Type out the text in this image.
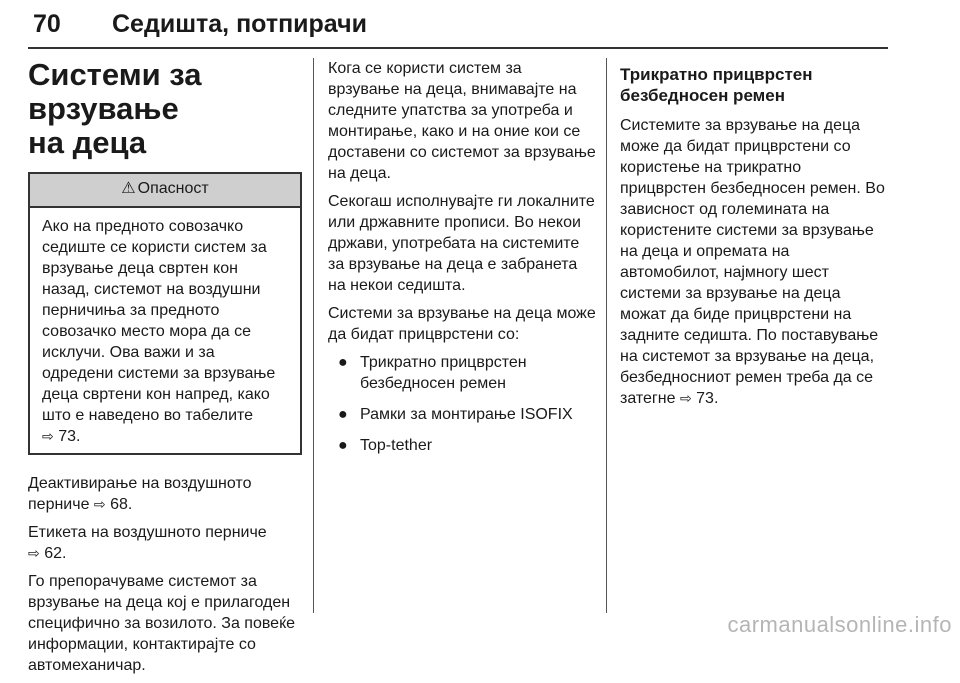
70 Седишта, потпирачи
Системи за врзување
на деца
⚠ Опасност
Ако на предното совозачко седиште се користи систем за врзување деца свртен кон назад, системот на воздушни перничиња за предното совозачко место мора да се исклучи. Ова важи и за одредени системи за врзување деца свртени кон напред, како што е наведено во табелите
⇨ 73.

Деактивирање на воздушното перниче ⇨ 68.

Етикета на воздушното перниче
⇨ 62.

Го препорачуваме системот за врзување на деца кој е прилагоден специфично за возилото. За повеќе информации, контактирајте со автомеханичар.

Кога се користи систем за врзување на деца, внимавајте на следните упатства за употреба и монтирање, како и на оние кои се доставени со системот за врзување на деца.

Секогаш исполнувајте ги локалните или државните прописи. Во некои држави, употребата на системите за врзување на деца е забранета на некои седишта.

Системи за врзување на деца може да бидат прицврстени со:

● Трикратно прицврстен безбедносен ремен
● Рамки за монтирање ISOFIX
● Top-tether
Трикратно прицврстен
безбедносен ремен

Системите за врзување на деца може да бидат прицврстени со користење на трикратно прицврстен безбедносен ремен. Во зависност од големината на користените системи за врзување на деца и опремата на автомобилот, најмногу шест системи за врзување на деца можат да биде прицврстени на задните седишта. По поставување на системот за врзување на деца, безбедносниот ремен треба да се затегне ⇨ 73.

carmanualsonline.info
